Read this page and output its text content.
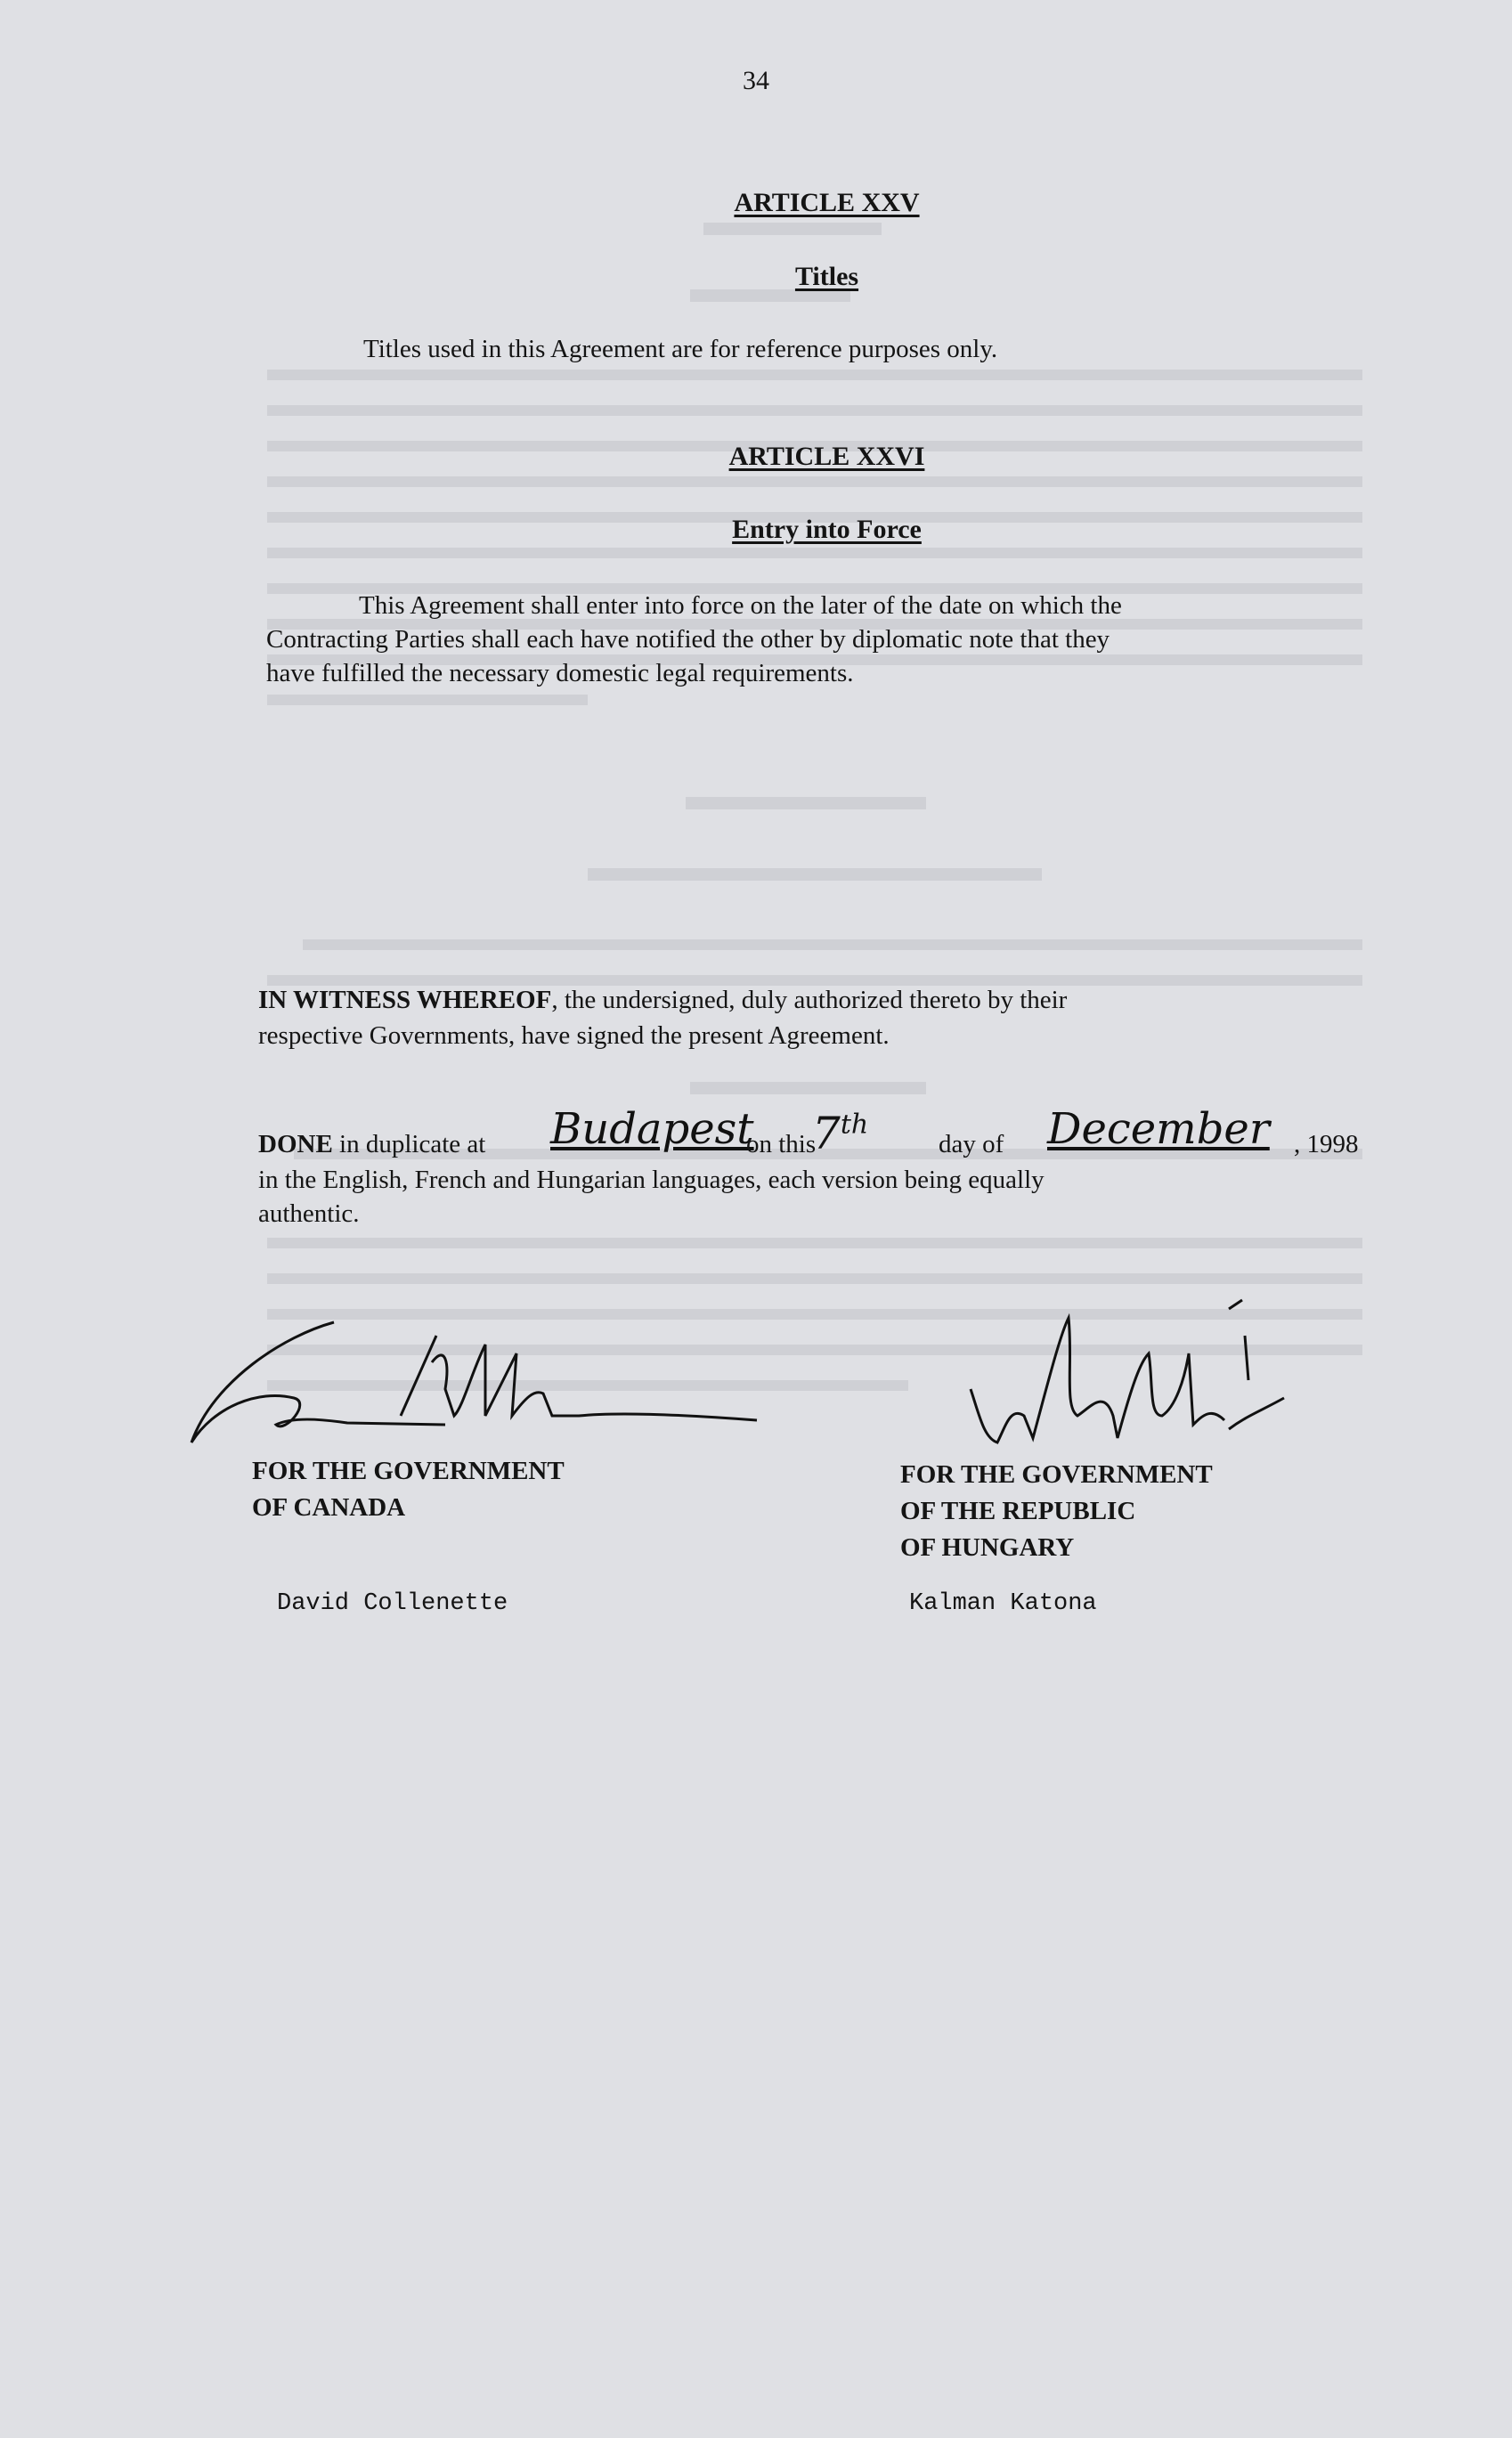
34
ARTICLE XXV
Titles
Titles used in this Agreement are for reference purposes only.
ARTICLE XXVI
Entry into Force
This Agreement shall enter into force on the later of the date on which the
Contracting Parties shall each have notified the other by diplomatic note that they
have fulfilled the necessary domestic legal requirements.
IN WITNESS WHEREOF, the undersigned, duly authorized thereto by their
respective Governments, have signed the present Agreement.
DONE in duplicate at Budapest
on this
7th
day of December , 1998
in the English, French and Hungarian languages, each version being equally
authentic.
FOR THE GOVERNMENT
OF CANADA
David Collenette
FOR THE GOVERNMENT
OF THE REPUBLIC
OF HUNGARY
Kalman Katona
